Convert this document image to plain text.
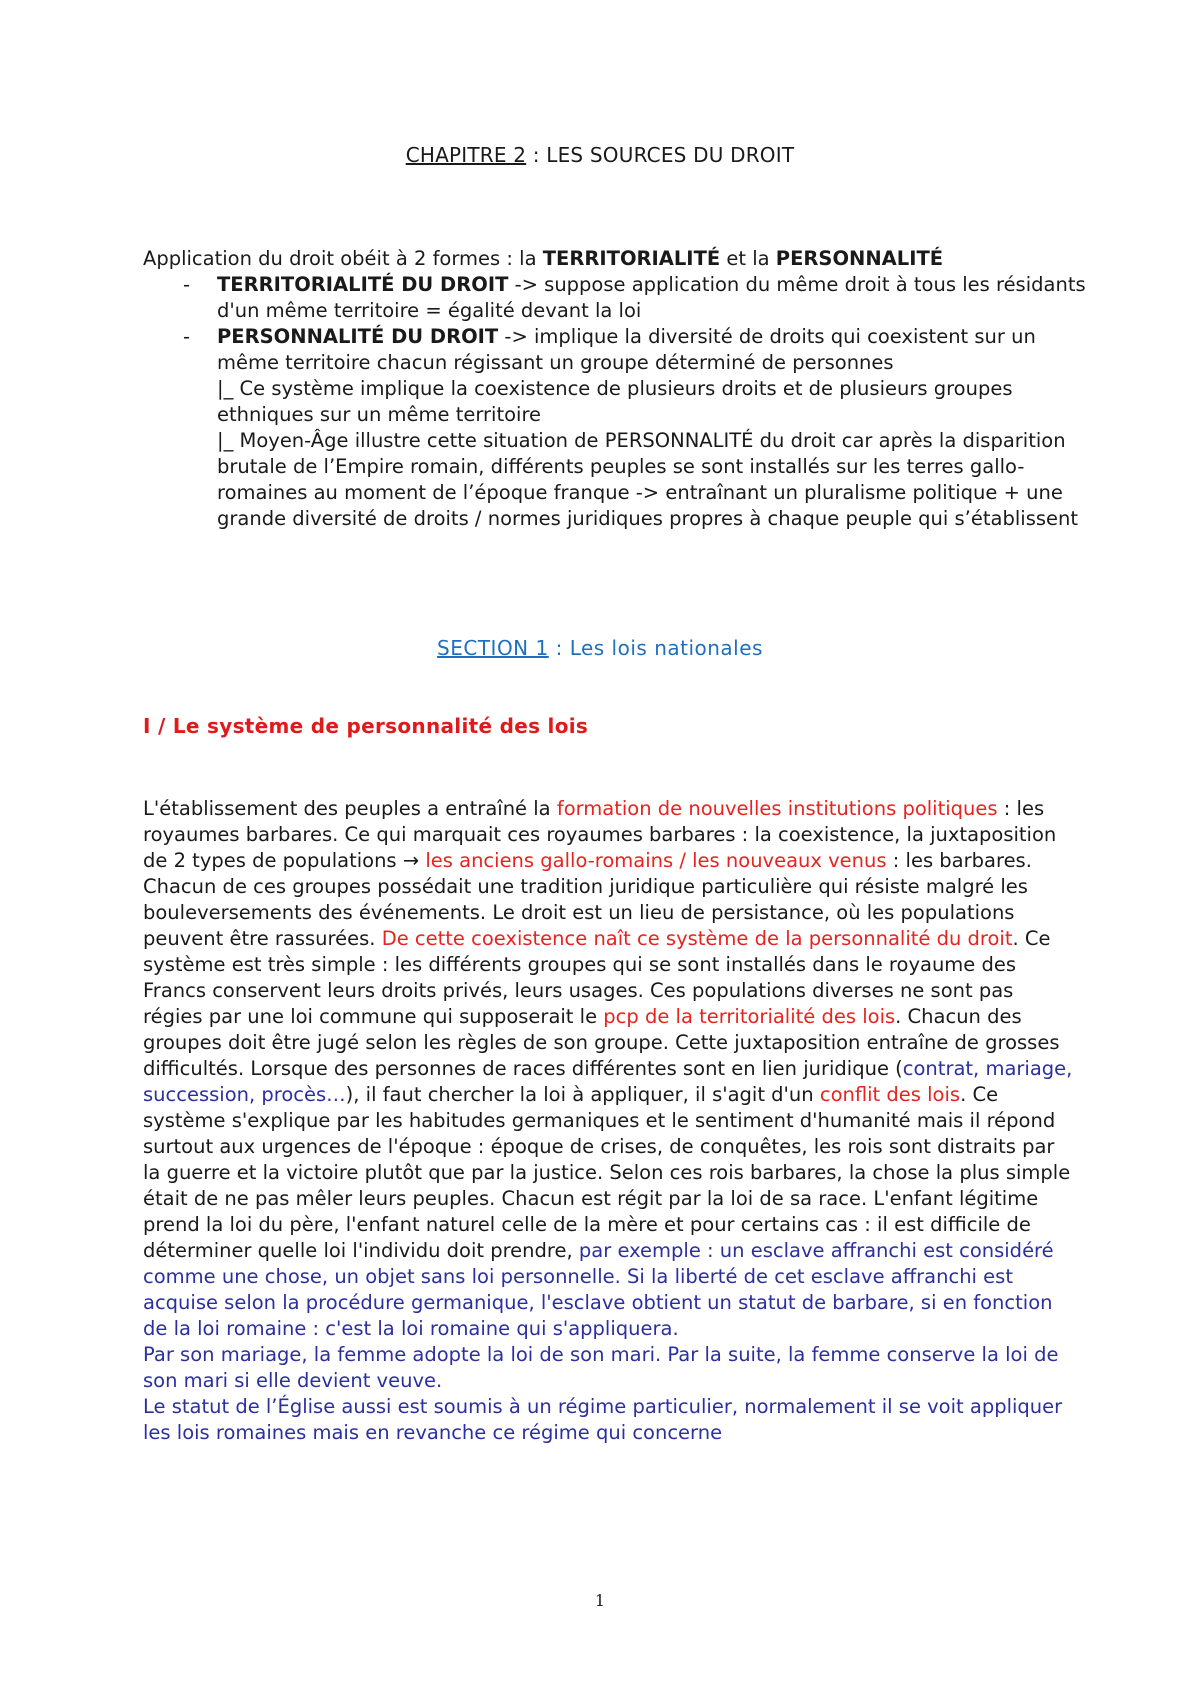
CHAPITRE 2 : LES SOURCES DU DROIT
Application du droit obéit à 2 formes : la TERRITORIALITÉ et la PERSONNALITÉ
- TERRITORIALITÉ DU DROIT -> suppose application du même droit à tous les résidants d'un même territoire = égalité devant la loi
- PERSONNALITÉ DU DROIT -> implique la diversité de droits qui coexistent sur un même territoire chacun régissant un groupe déterminé de personnes
|_ Ce système implique la coexistence de plusieurs droits et de plusieurs groupes ethniques sur un même territoire
|_ Moyen-Âge illustre cette situation de PERSONNALITÉ du droit car après la disparition brutale de l’Empire romain, différents peuples se sont installés sur les terres gallo-romaines au moment de l’époque franque -> entraînant un pluralisme politique + une grande diversité de droits / normes juridiques propres à chaque peuple qui s’établissent
SECTION 1 : Les lois nationales
I / Le système de personnalité des lois
L'établissement des peuples a entraîné la formation de nouvelles institutions politiques : les royaumes barbares. Ce qui marquait ces royaumes barbares : la coexistence, la juxtaposition de 2 types de populations → les anciens gallo-romains / les nouveaux venus : les barbares. Chacun de ces groupes possédait une tradition juridique particulière qui résiste malgré les bouleversements des événements. Le droit est un lieu de persistance, où les populations peuvent être rassurées. De cette coexistence naît ce système de la personnalité du droit. Ce système est très simple : les différents groupes qui se sont installés dans le royaume des Francs conservent leurs droits privés, leurs usages. Ces populations diverses ne sont pas régies par une loi commune qui supposerait le pcp de la territorialité des lois. Chacun des groupes doit être jugé selon les règles de son groupe. Cette juxtaposition entraîne de grosses difficultés. Lorsque des personnes de races différentes sont en lien juridique (contrat, mariage, succession, procès…), il faut chercher la loi à appliquer, il s'agit d'un conflit des lois. Ce système s'explique par les habitudes germaniques et le sentiment d'humanité mais il répond surtout aux urgences de l'époque : époque de crises, de conquêtes, les rois sont distraits par la guerre et la victoire plutôt que par la justice. Selon ces rois barbares, la chose la plus simple était de ne pas mêler leurs peuples. Chacun est régit par la loi de sa race. L'enfant légitime prend la loi du père, l'enfant naturel celle de la mère et pour certains cas : il est difficile de déterminer quelle loi l'individu doit prendre, par exemple : un esclave affranchi est considéré comme une chose, un objet sans loi personnelle. Si la liberté de cet esclave affranchi est acquise selon la procédure germanique, l'esclave obtient un statut de barbare, si en fonction de la loi romaine : c'est la loi romaine qui s'appliquera.
Par son mariage, la femme adopte la loi de son mari. Par la suite, la femme conserve la loi de son mari si elle devient veuve.
Le statut de l’Église aussi est soumis à un régime particulier, normalement il se voit appliquer les lois romaines mais en revanche ce régime qui concerne
1
